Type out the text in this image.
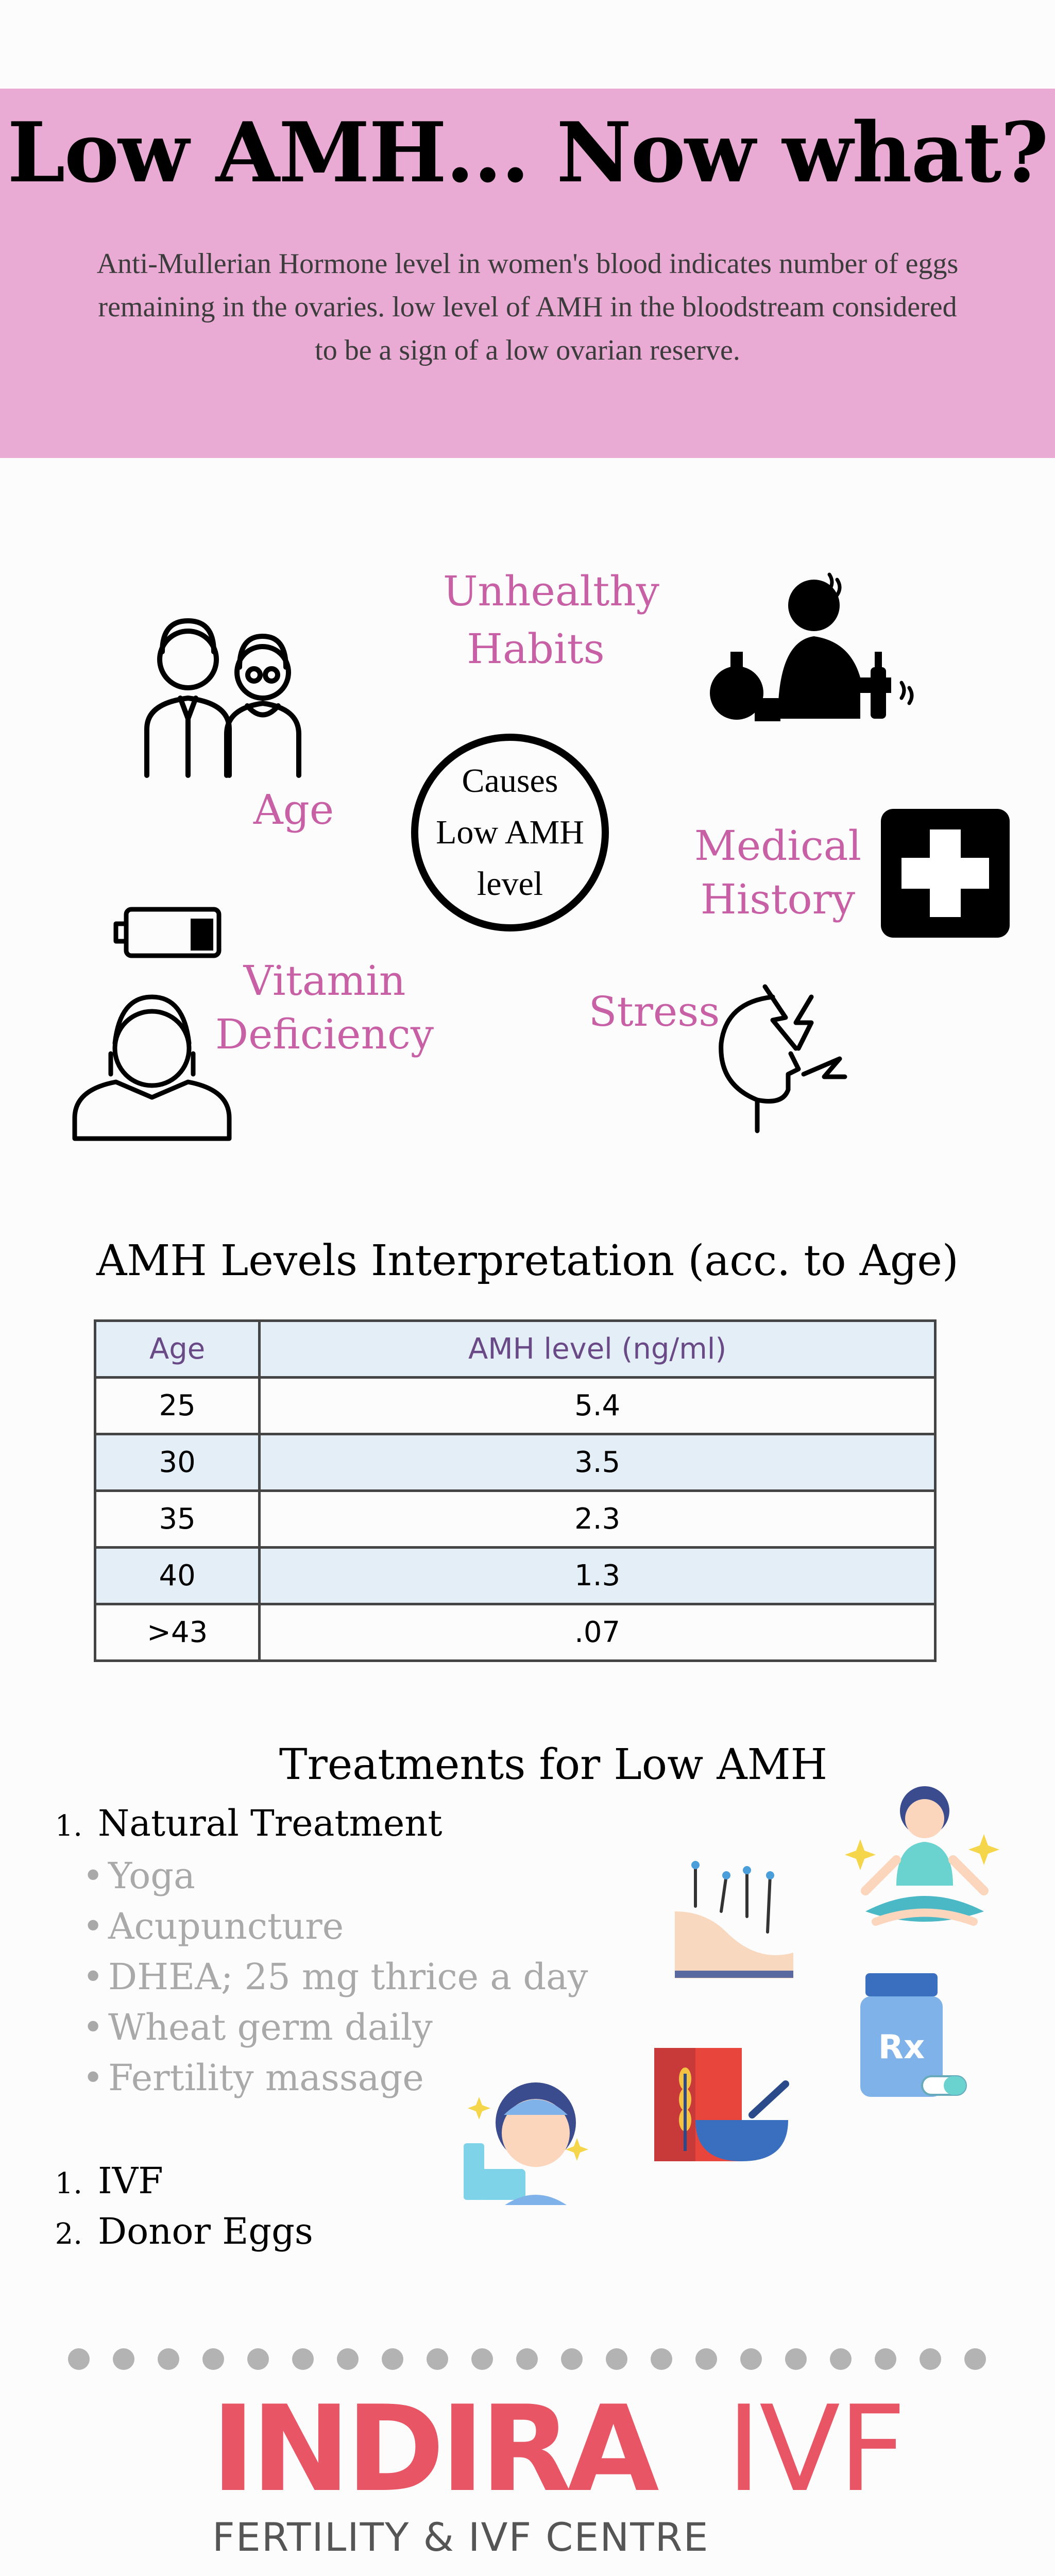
Low AMH... Now what?
Anti-Mullerian Hormone level in women's blood indicates number of eggs remaining in the ovaries. low level of AMH in the bloodstream considered to be a sign of a low ovarian reserve.
Unhealthy
Habits
Age
Medical
History
Vitamin
Deficiency	Stress
Causes
Low AMH
level
AMH Levels Interpretation (acc. to Age)
Age	AMH level (ng/ml)
25	5.4
30	3.5
35	2.3
40	1.3
>43	.07
Treatments for Low AMH
1. Natural Treatment
• Yoga
• Acupuncture
• DHEA; 25 mg thrice a day
• Wheat germ daily
• Fertility massage
1. IVF
2. Donor Eggs
Rx
INDIRA IVF
FERTILITY & IVF CENTRE
